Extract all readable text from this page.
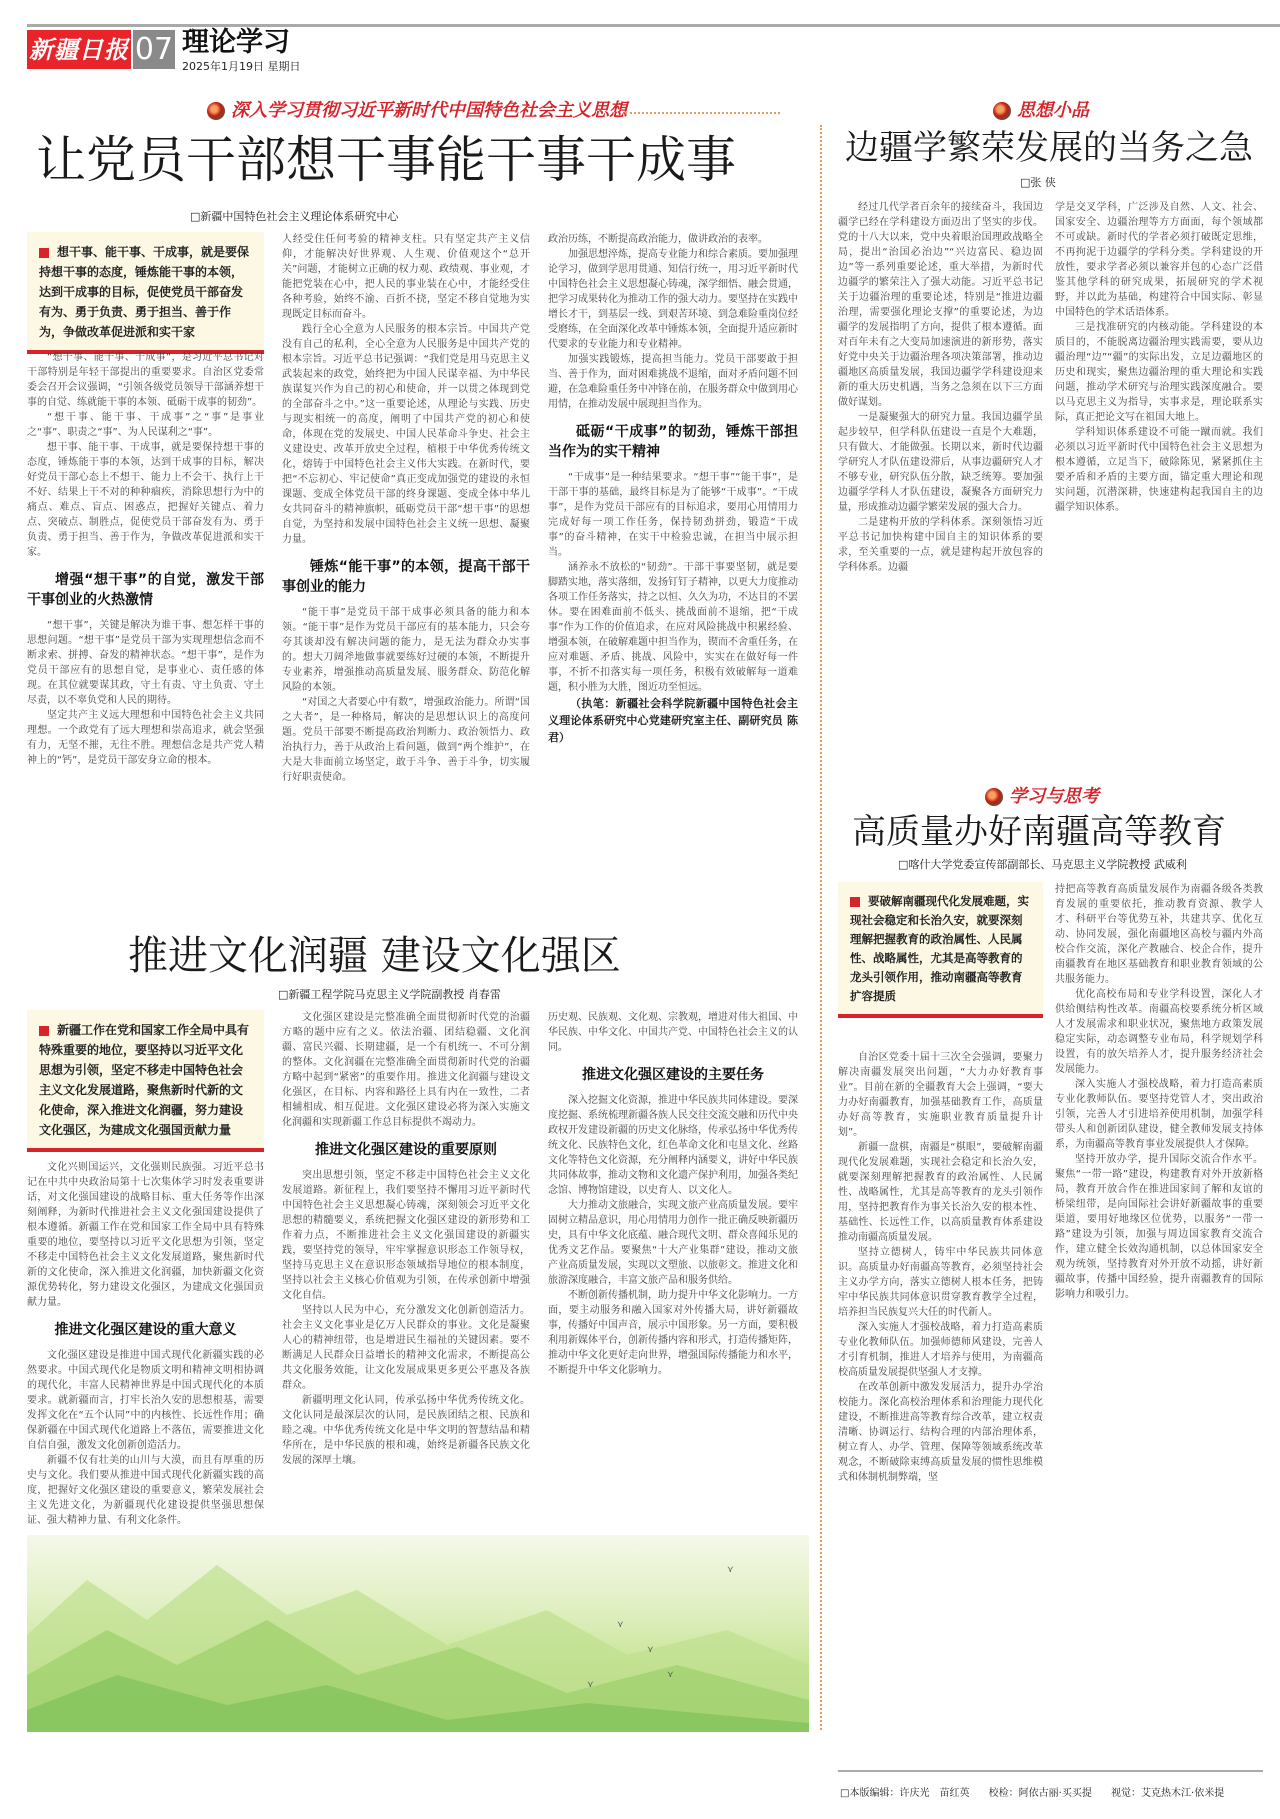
新疆日报 07 理论学习
2025年1月19日 星期日
深入学习贯彻习近平新时代中国特色社会主义思想
让党员干部想干事能干事干成事
□新疆中国特色社会主义理论体系研究中心

想干事、能干事、干成事，就是要保持想干事的态度，锤炼能干事的本领，达到干成事的目标，促使党员干部奋发有为、勇于负责、勇于担当、善于作为，争做改革促进派和实干家

“想干事、能干事、干成事”，是习近平总书记对干部特别是年轻干部提出的重要要求。自治区党委常委会召开会议强调，“引领各级党员领导干部涵养想干事的自觉、练就能干事的本领、砥砺干成事的韧劲”。

“想干事、能干事、干成事”之“事”是事业之“事”、职责之“事”、为人民谋利之“事”。

想干事、能干事、干成事，就是要保持想干事的态度，锤炼能干事的本领，达到干成事的目标，解决好党员干部心态上不想干、能力上不会干、执行上干不好、结果上干不对的种种痼疾，消除思想行为中的痛点、难点、盲点、困惑点，把握好关键点、着力点、突破点、制胜点，促使党员干部奋发有为、勇于负责、勇于担当、善于作为，争做改革促进派和实干家。

增强“想干事”的自觉，激发干部干事创业的火热激情

“想干事”，关键是解决为谁干事、想怎样干事的思想问题。“想干事”是党员干部为实现理想信念而不断求索、拼搏、奋发的精神状态。“想干事”，是作为党员干部应有的思想自觉，是事业心、责任感的体现。在其位就要谋其政，守土有责、守土负责、守土尽责，以不辜负党和人民的期待。

坚定共产主义远大理想和中国特色社会主义共同理想。一个政党有了远大理想和崇高追求，就会坚强有力，无坚不摧，无往不胜。理想信念是共产党人精神上的“钙”，是党员干部安身立命的根本。

人经受住任何考验的精神支柱。只有坚定共产主义信仰，才能解决好世界观、人生观、价值观这个“总开关”问题，才能树立正确的权力观、政绩观、事业观，才能把党装在心中，把人民的事业装在心中，才能经受住各种考验，始终不渝、百折不挠，坚定不移自觉地为实现既定目标而奋斗。

践行全心全意为人民服务的根本宗旨。中国共产党没有自己的私利，全心全意为人民服务是中国共产党的根本宗旨。习近平总书记强调：“我们党是用马克思主义武装起来的政党，始终把为中国人民谋幸福、为中华民族谋复兴作为自己的初心和使命，并一以贯之体现到党的全部奋斗之中。”这一重要论述，从理论与实践、历史与现实相统一的高度，阐明了中国共产党的初心和使命，体现在党的发展史、中国人民革命斗争史、社会主义建设史、改革开放史全过程，植根于中华优秀传统文化，熔铸于中国特色社会主义伟大实践。在新时代，要把“不忘初心、牢记使命”真正变成加强党的建设的永恒课题、变成全体党员干部的终身课题、变成全体中华儿女共同奋斗的精神旗帜，砥砺党员干部“想干事”的思想自觉，为坚持和发展中国特色社会主义统一思想、凝聚力量。

锤炼“能干事”的本领，提高干部干事创业的能力

“能干事”是党员干部干成事必须具备的能力和本领。“能干事”是作为党员干部应有的基本能力，只会夸夸其谈却没有解决问题的能力，是无法为群众办实事的。想大刀阔斧地做事就要练好过硬的本领，不断提升专业素养，增强推动高质量发展、服务群众、防范化解风险的本领。

“对国之大者要心中有数”，增强政治能力。所谓“国之大者”，是一种格局，解决的是思想认识上的高度问题。党员干部要不断提高政治判断力、政治领悟力、政治执行力，善于从政治上看问题，做到“两个维护”，在大是大非面前立场坚定，敢于斗争、善于斗争，切实履行好职责使命。

政治历练，不断提高政治能力，做讲政治的表率。

加强思想淬炼，提高专业能力和综合素质。要加强理论学习，做到学思用贯通、知信行统一，用习近平新时代中国特色社会主义思想凝心铸魂，深学细悟、融会贯通，把学习成果转化为推动工作的强大动力。要坚持在实践中增长才干，到基层一线、到艰苦环境、到急难险重岗位经受磨练，在全面深化改革中锤炼本领，全面提升适应新时代要求的专业能力和专业精神。

加强实践锻炼，提高担当能力。党员干部要敢于担当、善于作为，面对困难挑战不退缩，面对矛盾问题不回避，在急难险重任务中冲锋在前，在服务群众中做到用心用情，在推动发展中展现担当作为。

砥砺“干成事”的韧劲，锤炼干部担当作为的实干精神

“干成事”是一种结果要求。“想干事”“能干事”，是干部干事的基础，最终目标是为了能够“干成事”。“干成事”，是作为党员干部应有的目标追求，要用心用情用力完成好每一项工作任务，保持韧劲拼劲，锻造“干成事”的奋斗精神，在实干中检验忠诚，在担当中展示担当。

涵养永不放松的“韧劲”。干部干事要坚韧，就是要脚踏实地，落实落细，发扬钉钉子精神，以更大力度推动各项工作任务落实，持之以恒、久久为功，不达目的不罢休。要在困难面前不低头、挑战面前不退缩，把“干成事”作为工作的价值追求，在应对风险挑战中积累经验、增强本领，在破解难题中担当作为，锲而不舍重任务，在应对难题、矛盾、挑战、风险中，实实在在做好每一件事，不折不扣落实每一项任务，积极有效破解每一道难题，积小胜为大胜，图近功至恒远。

（执笔：新疆社会科学院新疆中国特色社会主义理论体系研究中心党建研究室主任、副研究员 陈君）

推进文化润疆 建设文化强区
□新疆工程学院马克思主义学院副教授 肖春雷

新疆工作在党和国家工作全局中具有特殊重要的地位，要坚持以习近平文化思想为引领，坚定不移走中国特色社会主义文化发展道路，聚焦新时代新的文化使命，深入推进文化润疆，努力建设文化强区，为建成文化强国贡献力量

文化兴则国运兴，文化强则民族强。习近平总书记在中共中央政治局第十七次集体学习时发表重要讲话，对文化强国建设的战略目标、重大任务等作出深刻阐释，为新时代推进社会主义文化强国建设提供了根本遵循。新疆工作在党和国家工作全局中具有特殊重要的地位，要坚持以习近平文化思想为引领，坚定不移走中国特色社会主义文化发展道路，聚焦新时代新的文化使命，深入推进文化润疆，加快新疆文化资源优势转化，努力建设文化强区，为建成文化强国贡献力量。

推进文化强区建设的重大意义

文化强区建设是推进中国式现代化新疆实践的必然要求。中国式现代化是物质文明和精神文明相协调的现代化，丰富人民精神世界是中国式现代化的本质要求。就新疆而言，打牢长治久安的思想根基，需要发挥文化在“五个认同”中的内核性、长远性作用；确保新疆在中国式现代化道路上不落伍，需要推进文化自信自强，激发文化创新创造活力。

新疆不仅有壮美的山川与大漠，而且有厚重的历史与文化。我们要从推进中国式现代化新疆实践的高度，把握好文化强区建设的重要意义，繁荣发展社会主义先进文化，为新疆现代化建设提供坚强思想保证、强大精神力量、有利文化条件。

文化强区建设是完整准确全面贯彻新时代党的治疆方略的题中应有之义。依法治疆、团结稳疆、文化润疆、富民兴疆、长期建疆，是一个有机统一、不可分割的整体。文化润疆在完整准确全面贯彻新时代党的治疆方略中起到“紧密”的重要作用。推进文化润疆与建设文化强区，在目标、内容和路径上具有内在一致性，二者相辅相成、相互促进。文化强区建设必将为深入实施文化润疆和实现新疆工作总目标提供不竭动力。

推进文化强区建设的重要原则

突出思想引领，坚定不移走中国特色社会主义文化发展道路。新征程上，我们要坚持不懈用习近平新时代中国特色社会主义思想凝心铸魂，深刻领会习近平文化思想的精髓要义，系统把握文化强区建设的新形势和工作着力点，不断推进社会主义文化强国建设的新疆实践，要坚持党的领导，牢牢掌握意识形态工作领导权，坚持马克思主义在意识形态领域指导地位的根本制度，坚持以社会主义核心价值观为引领，在传承创新中增强文化自信。

坚持以人民为中心，充分激发文化创新创造活力。社会主义文化事业是亿万人民群众的事业。文化是凝聚人心的精神纽带，也是增进民生福祉的关键因素。要不断满足人民群众日益增长的精神文化需求，不断提高公共文化服务效能，让文化发展成果更多更公平惠及各族群众。

新疆明理文化认同，传承弘扬中华优秀传统文化。文化认同是最深层次的认同，是民族团结之根、民族和睦之魂。中华优秀传统文化是中华文明的智慧结晶和精华所在，是中华民族的根和魂，始终是新疆各民族文化发展的深厚土壤。

历史观、民族观、文化观、宗教观，增进对伟大祖国、中华民族、中华文化、中国共产党、中国特色社会主义的认同。

推进文化强区建设的主要任务

深入挖掘文化资源，推进中华民族共同体建设。要深度挖掘、系统梳理新疆各族人民交往交流交融和历代中央政权开发建设新疆的历史文化脉络，传承弘扬中华优秀传统文化、民族特色文化，红色革命文化和屯垦文化、丝路文化等特色文化资源，充分阐释内涵要义，讲好中华民族共同体故事，推动文物和文化遗产保护利用，加强各类纪念馆、博物馆建设，以史育人、以文化人。

大力推动文旅融合，实现文旅产业高质量发展。要牢固树立精品意识，用心用情用力创作一批正确反映新疆历史，具有中华文化底蕴、融合现代文明、群众喜闻乐见的优秀文艺作品。要聚焦“十大产业集群”建设，推动文旅产业高质量发展，实现以文塑旅、以旅彰文。推进文化和旅游深度融合，丰富文旅产品和服务供给。

不断创新传播机制，助力提升中华文化影响力。一方面，要主动服务和融入国家对外传播大局，讲好新疆故事，传播好中国声音，展示中国形象。另一方面，要积极利用新媒体平台，创新传播内容和形式，打造传播矩阵，推动中华文化更好走向世界，增强国际传播能力和水平，不断提升中华文化影响力。

⋎
⋎
⋎
⋎
⋎
思想小品
边疆学繁荣发展的当务之急
□张 侠

经过几代学者百余年的接续奋斗，我国边疆学已经在学科建设方面迈出了坚实的步伐。党的十八大以来，党中央着眼治国理政战略全局，提出“治国必治边”“兴边富民、稳边固边”等一系列重要论述，重大举措，为新时代边疆学的繁荣注入了强大动能。习近平总书记关于边疆治理的重要论述，特别是“推进边疆治理，需要强化理论支撑”的重要论述，为边疆学的发展指明了方向，提供了根本遵循。面对百年未有之大变局加速演进的新形势，落实好党中央关于边疆治理各项决策部署，推动边疆地区高质量发展，我国边疆学学科建设迎来新的重大历史机遇，当务之急须在以下三方面做好谋划。

一是凝聚强大的研究力量。我国边疆学虽起步较早，但学科队伍建设一直是个大难题，只有做大、才能做强。长期以来，新时代边疆学研究人才队伍建设滞后，从事边疆研究人才不够专业，研究队伍分散，缺乏统筹。要加强边疆学学科人才队伍建设，凝聚各方面研究力量，形成推动边疆学繁荣发展的强大合力。

二是建构开放的学科体系。深刻领悟习近平总书记加快构建中国自主的知识体系的要求，至关重要的一点，就是建构起开放包容的学科体系。边疆

学是交叉学科，广泛涉及自然、人文、社会、国家安全、边疆治理等方方面面，每个领域都不可或缺。新时代的学者必须打破既定思维，不再拘泥于边疆学的学科分类。学科建设的开放性，要求学者必须以兼容并包的心态广泛借鉴其他学科的研究成果，拓展研究的学术视野，并以此为基础，构建符合中国实际、彰显中国特色的学术话语体系。

三是找准研究的内核动能。学科建设的本质目的，不能脱离边疆治理实践需要，要从边疆治理“边”“疆”的实际出发，立足边疆地区的历史和现实，聚焦边疆治理的重大理论和实践问题，推动学术研究与治理实践深度融合。要以马克思主义为指导，实事求是，理论联系实际，真正把论文写在祖国大地上。

学科知识体系建设不可能一蹴而就。我们必须以习近平新时代中国特色社会主义思想为根本遵循，立足当下，破除陈见，紧紧抓住主要矛盾和矛盾的主要方面，锚定重大理论和现实问题，沉潜深耕，快速建构起我国自主的边疆学知识体系。

学习与思考
高质量办好南疆高等教育
□喀什大学党委宣传部副部长、马克思主义学院教授 武威利

要破解南疆现代化发展难题，实现社会稳定和长治久安，就要深刻理解把握教育的政治属性、人民属性、战略属性，尤其是高等教育的龙头引领作用，推动南疆高等教育扩容提质

自治区党委十届十三次全会强调，要聚力解决南疆发展突出问题，“大力办好教育事业”。目前在新的全疆教育大会上强调，“要大力办好南疆教育，加强基础教育工作，高质量办好高等教育，实施职业教育质量提升计划”。

新疆一盘棋，南疆是“棋眼”，要破解南疆现代化发展难题，实现社会稳定和长治久安，就要深刻理解把握教育的政治属性、人民属性、战略属性，尤其是高等教育的龙头引领作用，坚持把教育作为事关长治久安的根本性、基础性、长远性工作，以高质量教育体系建设推动南疆高质量发展。

坚持立德树人，铸牢中华民族共同体意识。高质量办好南疆高等教育，必须坚持社会主义办学方向，落实立德树人根本任务，把铸牢中华民族共同体意识贯穿教育教学全过程，培养担当民族复兴大任的时代新人。

深入实施人才强校战略，着力打造高素质专业化教师队伍。加强师德师风建设，完善人才引育机制，推进人才培养与使用，为南疆高校高质量发展提供坚强人才支撑。

在改革创新中激发发展活力，提升办学治校能力。深化高校治理体系和治理能力现代化建设，不断推进高等教育综合改革，建立权责清晰、协调运行、结构合理的内部治理体系，树立育人、办学、管理、保障等领域系统改革观念，不断破除束缚高质量发展的惯性思维模式和体制机制弊端，坚

持把高等教育高质量发展作为南疆各级各类教育发展的重要依托，推动教育资源、教学人才、科研平台等优势互补，共建共享、优化互动、协同发展，强化南疆地区高校与疆内外高校合作交流，深化产教融合、校企合作，提升南疆教育在地区基础教育和职业教育领域的公共服务能力。

优化高校布局和专业学科设置，深化人才供给侧结构性改革。南疆高校要系统分析区域人才发展需求和职业状况，聚焦地方政策发展稳定实际，动态调整专业布局，科学规划学科设置，有的放矢培养人才，提升服务经济社会发展能力。

深入实施人才强校战略，着力打造高素质专业化教师队伍。要坚持党管人才，突出政治引领，完善人才引进培养使用机制，加强学科带头人和创新团队建设，健全教师发展支持体系，为南疆高等教育事业发展提供人才保障。

坚持开放办学，提升国际交流合作水平。聚焦“一带一路”建设，构建教育对外开放新格局，教育开放合作在推进国家间了解和友谊的桥梁纽带，是向国际社会讲好新疆故事的重要渠道，要用好地缘区位优势，以服务“一带一路”建设为引领，加强与周边国家教育交流合作，建立健全长效沟通机制，以总体国家安全观为统领，坚持教育对外开放不动摇，讲好新疆故事，传播中国经验，提升南疆教育的国际影响力和吸引力。

□本版编辑：许庆光　苗红英 校检：阿依古丽·买买提 视觉：艾克热木江·依米提
